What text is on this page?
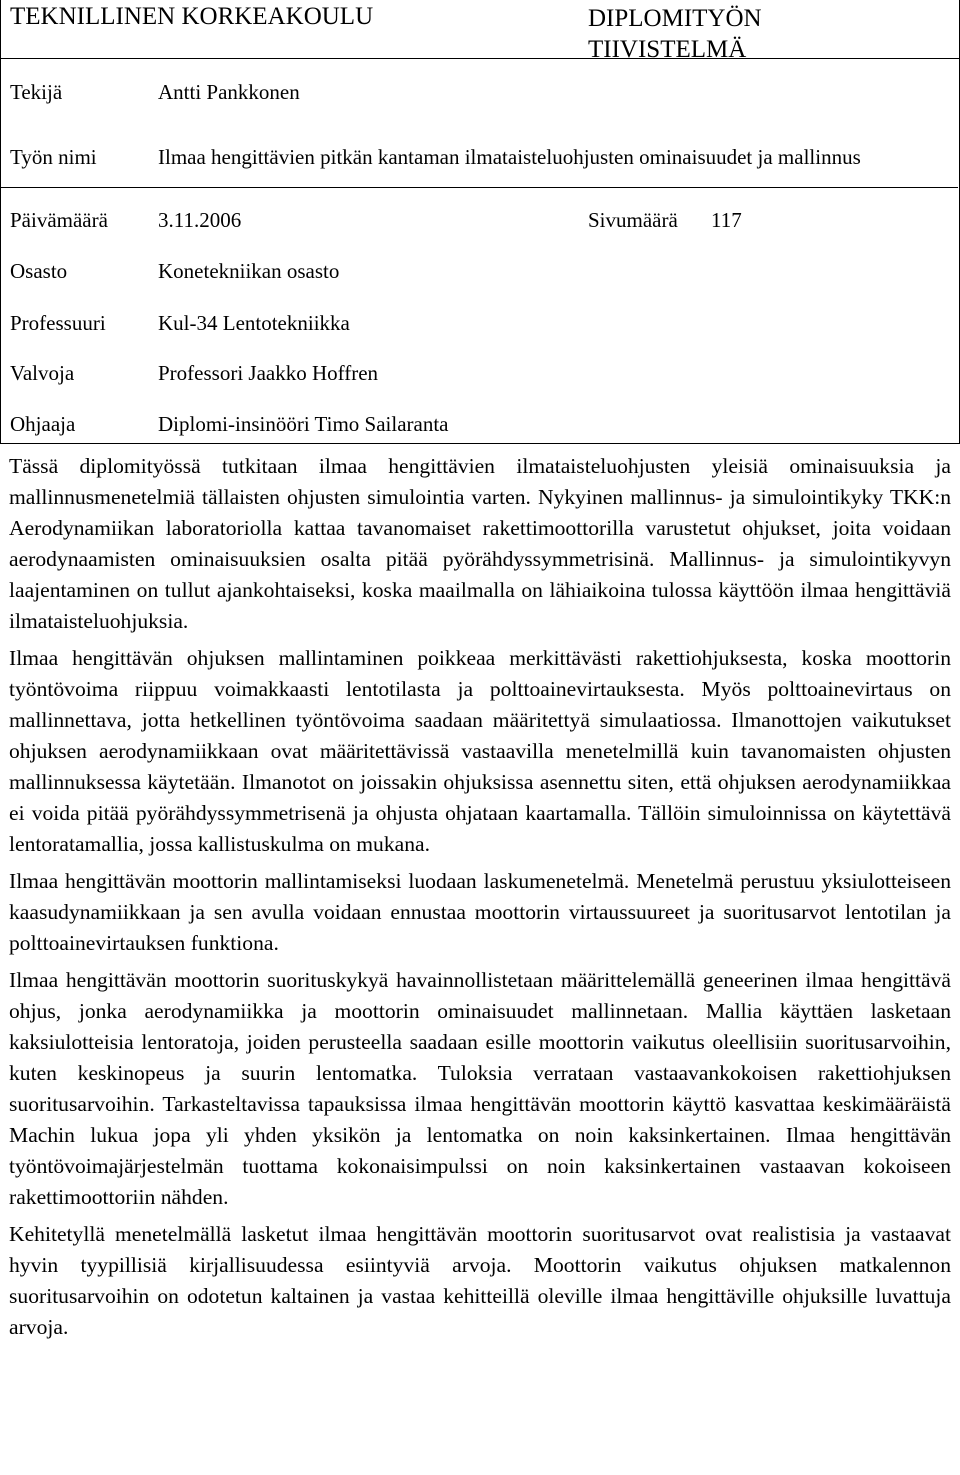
TEKNILLINEN KORKEAKOULU	DIPLOMITYÖN
TIIVISTELMÄ
Tekijä	Antti Pankkonen
Työn nimi	Ilmaa hengittävien pitkän kantaman ilmataisteluohjusten ominaisuudet ja mallinnus
Päivämäärä 3.11.2006	Sivumäärä 117
Osasto	Konetekniikan osasto
Professuuri Kul-34 Lentotekniikka
Valvoja	Professori Jaakko Hoffren
Ohjaaja	Diplomi-insinööri Timo Sailaranta

Tässä diplomityössä tutkitaan ilmaa hengittävien ilmataisteluohjusten yleisiä ominaisuuksia ja mallinnusmenetelmiä tällaisten ohjusten simulointia varten. Nykyinen mallinnus- ja simulointikyky TKK:n Aerodynamiikan laboratoriolla kattaa tavanomaiset rakettimoottorilla varustetut ohjukset, joita voidaan aerodynaamisten ominaisuuksien osalta pitää pyörähdyssymmetrisinä. Mallinnus- ja simulointikyvyn laajentaminen on tullut ajankohtaiseksi, koska maailmalla on lähiaikoina tulossa käyttöön ilmaa hengittäviä ilmataisteluohjuksia.

Ilmaa hengittävän ohjuksen mallintaminen poikkeaa merkittävästi rakettiohjuksesta, koska moottorin työntövoima riippuu voimakkaasti lentotilasta ja polttoainevirtauksesta. Myös polttoainevirtaus on mallinnettava, jotta hetkellinen työntövoima saadaan määritettyä simulaatiossa. Ilmanottojen vaikutukset ohjuksen aerodynamiikkaan ovat määritettävissä vastaavilla menetelmillä kuin tavanomaisten ohjusten mallinnuksessa käytetään. Ilmanotot on joissakin ohjuksissa asennettu siten, että ohjuksen aerodynamiikkaa ei voida pitää pyörähdyssymmetrisenä ja ohjusta ohjataan kaartamalla. Tällöin simuloinnissa on käytettävä lentoratamallia, jossa kallistuskulma on mukana.

Ilmaa hengittävän moottorin mallintamiseksi luodaan laskumenetelmä. Menetelmä perustuu yksiulotteiseen kaasudynamiikkaan ja sen avulla voidaan ennustaa moottorin virtaussuureet ja suoritusarvot lentotilan ja polttoainevirtauksen funktiona.

Ilmaa hengittävän moottorin suorituskykyä havainnollistetaan määrittelemällä geneerinen ilmaa hengittävä ohjus, jonka aerodynamiikka ja moottorin ominaisuudet mallinnetaan. Mallia käyttäen lasketaan kaksiulotteisia lentoratoja, joiden perusteella saadaan esille moottorin vaikutus oleellisiin suoritusarvoihin, kuten keskinopeus ja suurin lentomatka. Tuloksia verrataan vastaavankokoisen rakettiohjuksen suoritusarvoihin. Tarkasteltavissa tapauksissa ilmaa hengittävän moottorin käyttö kasvattaa keskimääräistä Machin lukua jopa yli yhden yksikön ja lentomatka on noin kaksinkertainen. Ilmaa hengittävän työntövoimajärjestelmän tuottama kokonaisimpulssi on noin kaksinkertainen vastaavan kokoiseen rakettimoottoriin nähden.

Kehitetyllä menetelmällä lasketut ilmaa hengittävän moottorin suoritusarvot ovat realistisia ja vastaavat hyvin tyypillisiä kirjallisuudessa esiintyviä arvoja. Moottorin vaikutus ohjuksen matkalennon suoritusarvoihin on odotetun kaltainen ja vastaa kehitteillä oleville ilmaa hengittäville ohjuksille luvattuja arvoja.
